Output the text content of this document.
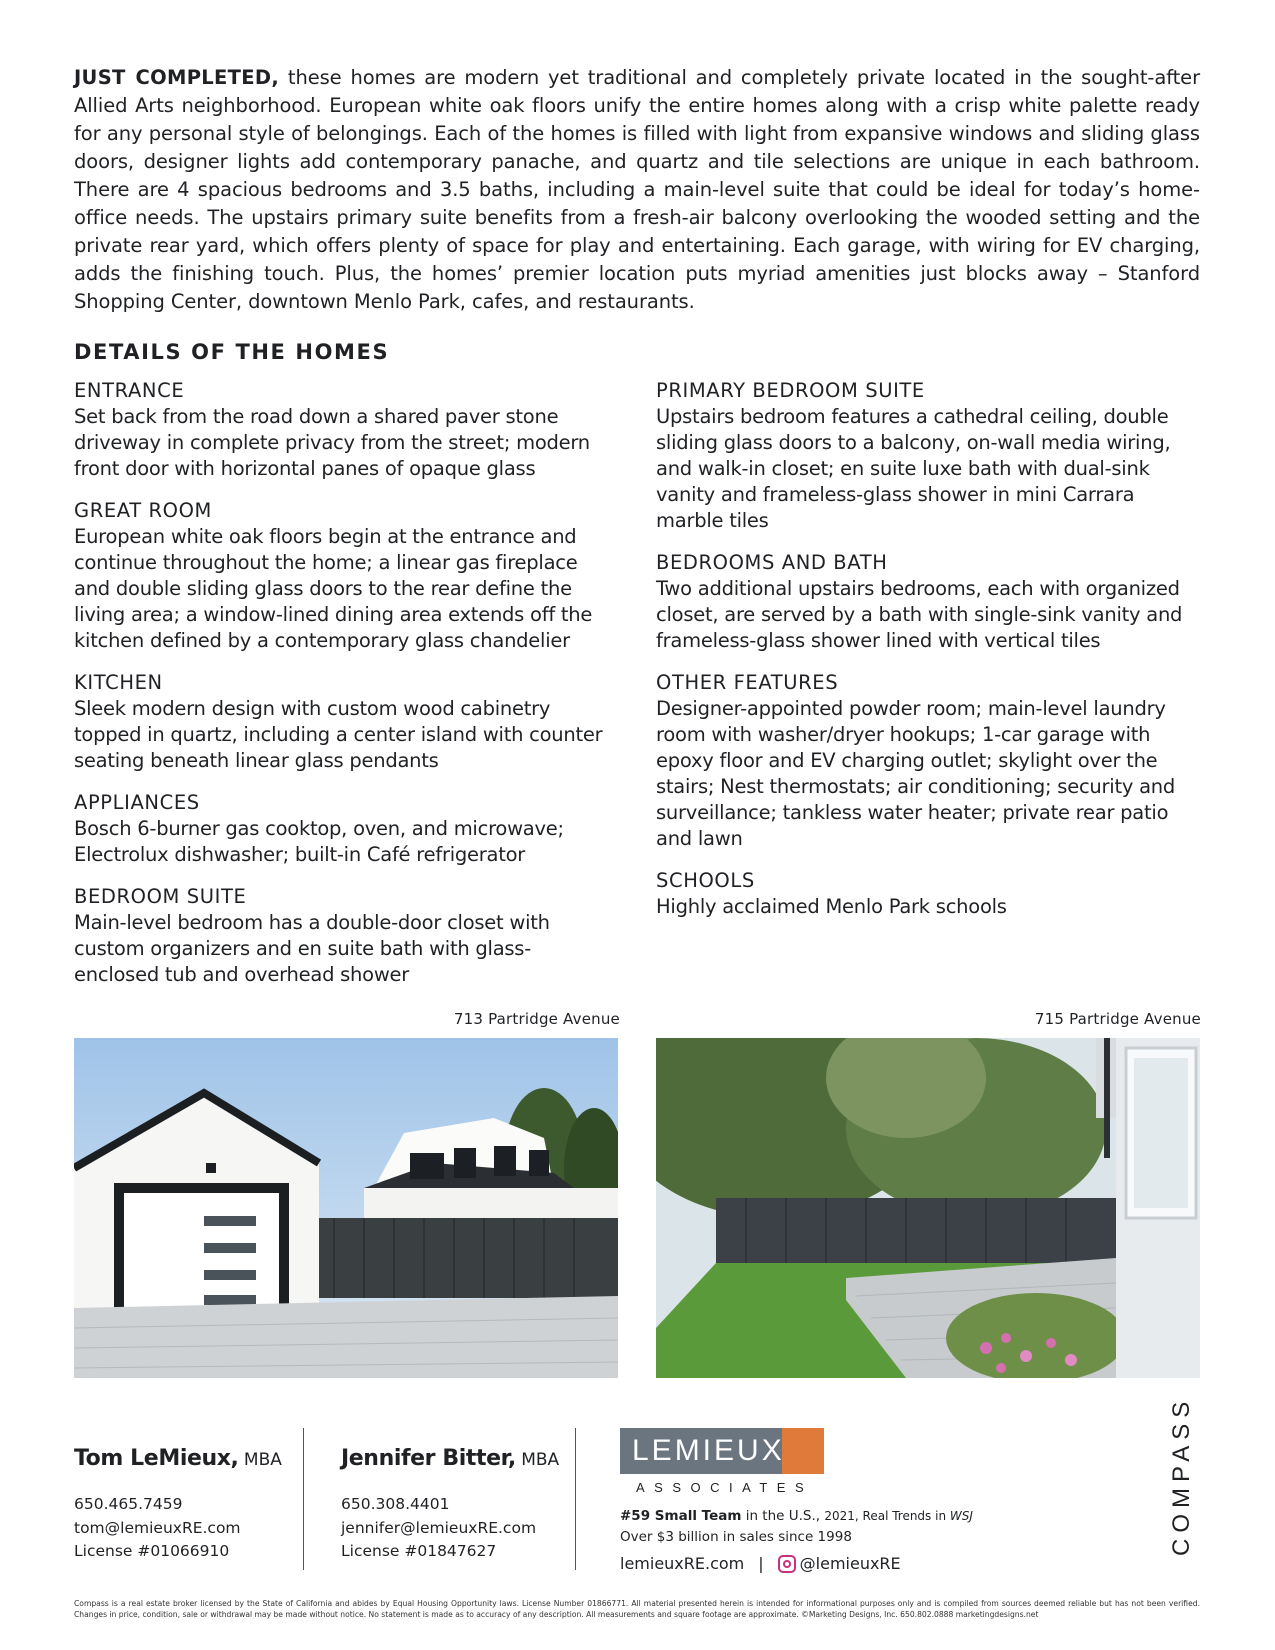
JUST COMPLETED, these homes are modern yet traditional and completely private located in the sought-after Allied Arts neighborhood. European white oak floors unify the entire homes along with a crisp white palette ready for any personal style of belongings. Each of the homes is filled with light from expansive windows and sliding glass doors, designer lights add contemporary panache, and quartz and tile selections are unique in each bathroom. There are 4 spacious bedrooms and 3.5 baths, including a main-level suite that could be ideal for today’s home-office needs. The upstairs primary suite benefits from a fresh-air balcony overlooking the wooded setting and the private rear yard, which offers plenty of space for play and entertaining. Each garage, with wiring for EV charging, adds the finishing touch. Plus, the homes’ premier location puts myriad amenities just blocks away – Stanford Shopping Center, downtown Menlo Park, cafes, and restaurants.
DETAILS OF THE HOMES
ENTRANCE

Set back from the road down a shared paver stone driveway in complete privacy from the street; modern front door with horizontal panes of opaque glass

GREAT ROOM

European white oak floors begin at the entrance and continue throughout the home; a linear gas fireplace and double sliding glass doors to the rear define the living area; a window-lined dining area extends off the kitchen defined by a contemporary glass chandelier

KITCHEN

Sleek modern design with custom wood cabinetry topped in quartz, including a center island with counter seating beneath linear glass pendants

APPLIANCES

Bosch 6-burner gas cooktop, oven, and microwave; Electrolux dishwasher; built-in Café refrigerator

BEDROOM SUITE

Main-level bedroom has a double-door closet with custom organizers and en suite bath with glass-enclosed tub and overhead shower

PRIMARY BEDROOM SUITE

Upstairs bedroom features a cathedral ceiling, double sliding glass doors to a balcony, on-wall media wiring, and walk-in closet; en suite luxe bath with dual-sink vanity and frameless-glass shower in mini Carrara marble tiles

BEDROOMS AND BATH

Two additional upstairs bedrooms, each with organized closet, are served by a bath with single-sink vanity and frameless-glass shower lined with vertical tiles

OTHER FEATURES

Designer-appointed powder room; main-level laundry room with washer/dryer hookups; 1-car garage with epoxy floor and EV charging outlet; skylight over the stairs; Nest thermostats; air conditioning; security and surveillance; tankless water heater; private rear patio and lawn

SCHOOLS

Highly acclaimed Menlo Park schools

713 Partridge Avenue	715 Partridge Avenue
Tom LeMieux, MBA
650.465.7459
tom@lemieuxRE.com
License #01066910
Jennifer Bitter, MBA
650.308.4401
jennifer@lemieuxRE.com
License #01847627
LEMIEUX
ASSOCIATES
#59 Small Team in the U.S., 2021, Real Trends in WSJ
Over $3 billion in sales since 1998
lemieuxRE.com | @lemieuxRE
COMPASS
Compass is a real estate broker licensed by the State of California and abides by Equal Housing Opportunity laws. License Number 01866771. All material presented herein is intended for informational purposes only and is compiled from sources deemed reliable but has not been verified. Changes in price, condition, sale or withdrawal may be made without notice. No statement is made as to accuracy of any description. All measurements and square footage are approximate. ©Marketing Designs, Inc. 650.802.0888 marketingdesigns.net
